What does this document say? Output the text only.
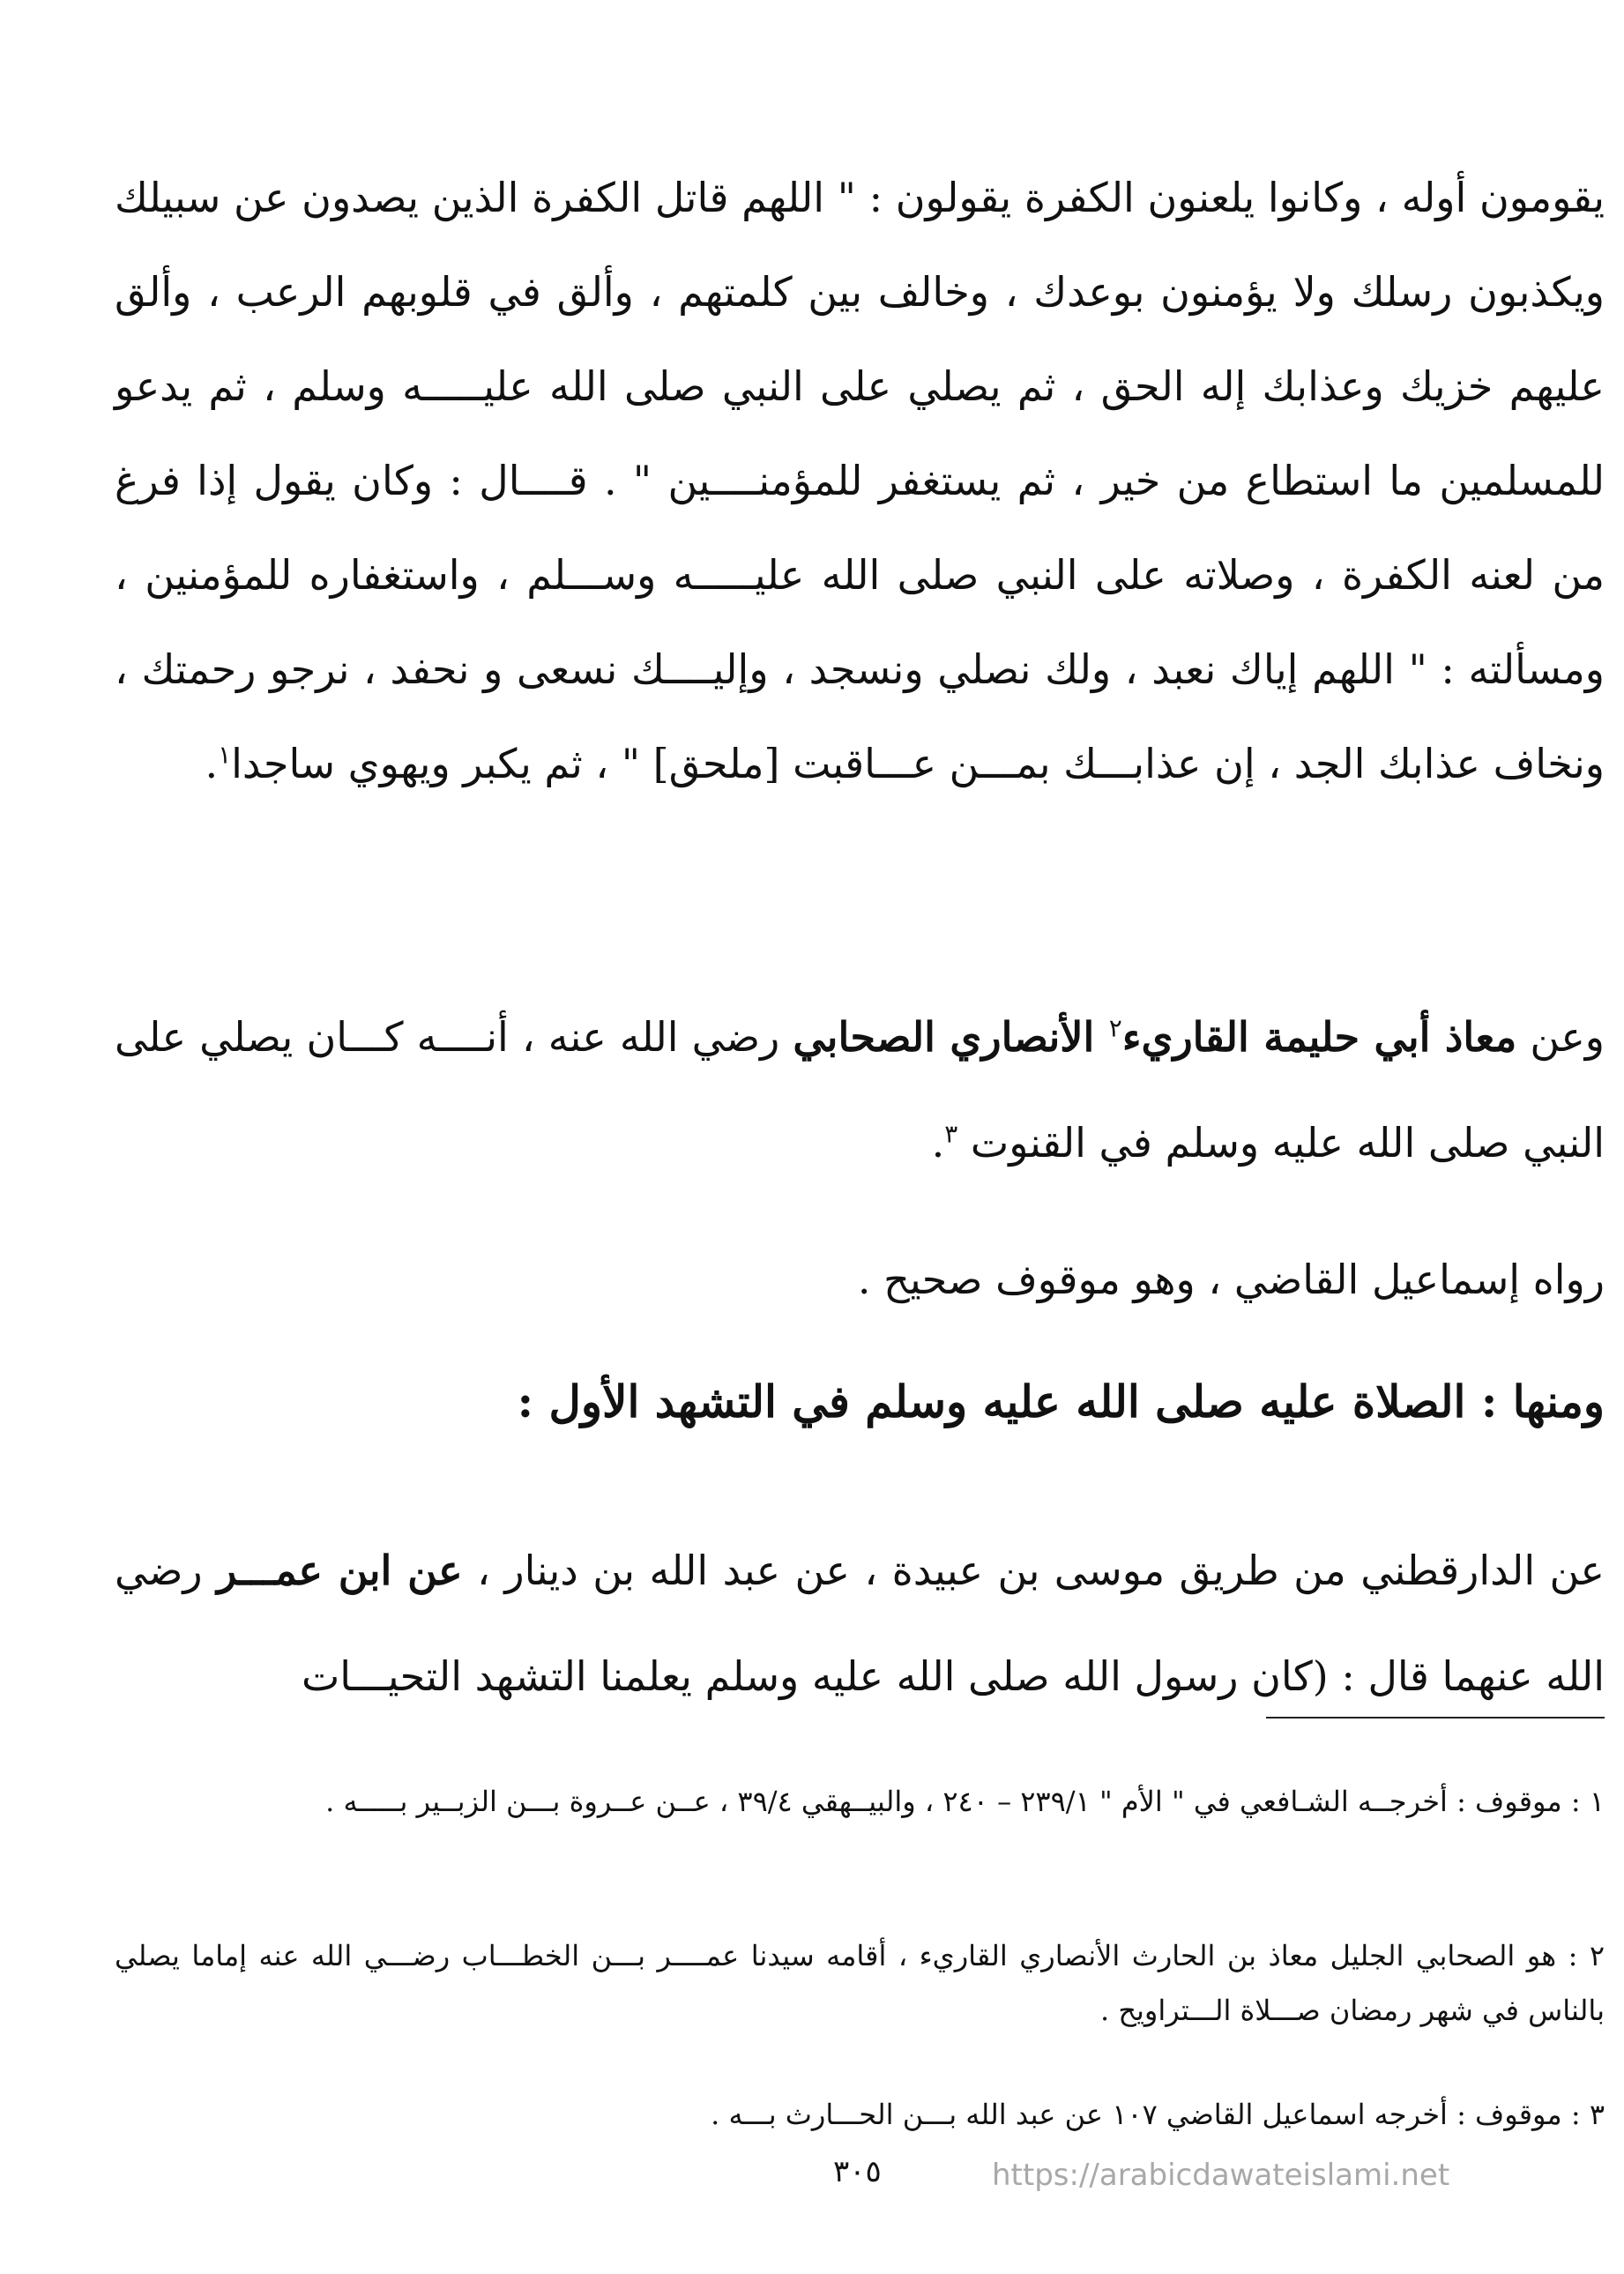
يقومون أوله ، وكانوا يلعنون الكفرة يقولون : " اللهم قاتل الكفرة الذين يصدون عن سبيلك ويكذبون رسلك ولا يؤمنون بوعدك ، وخالف بين كلمتهم ، وألق في قلوبهم الرعب ، وألق عليهم خزيك وعذابك إله الحق ، ثم يصلي على النبي صلى الله عليـــــه وسلم ، ثم يدعو للمسلمين ما استطاع من خير ، ثم يستغفر للمؤمنــــين " . قــــال : وكان يقول إذا فرغ من لعنه الكفرة ، وصلاته على النبي صلى الله عليـــــه وســـلم ، واستغفاره للمؤمنين ، ومسألته : " اللهم إياك نعبد ، ولك نصلي ونسجد ، وإليــــك نسعى و نحفد ، نرجو رحمتك ، ونخاف عذابك الجد ، إن عذابـــك بمـــن عـــاقبت [ملحق] " ، ثم يكبر ويهوي ساجدا$^١$.

وعن معاذ أبي حليمة القاريء$^٢$ الأنصاري الصحابي رضي الله عنه ، أنــــه كـــان يصلي على النبي صلى الله عليه وسلم في القنوت $^٣$.

رواه إسماعيل القاضي ، وهو موقوف صحيح .

ومنها : الصلاة عليه صلى الله عليه وسلم في التشهد الأول :

عن الدارقطني من طريق موسى بن عبيدة ، عن عبد الله بن دينار ، عن ابن عمـــر رضي الله عنهما قال : (كان رسول الله صلى الله عليه وسلم يعلمنا التشهد التحيـــات

١ : موقوف : أخرجــه الشـافعي في " الأم " ٢٣٩/١ – ٢٤٠ ، والبيــهقي ٣٩/٤ ، عــن عــروة بـــن الزبــير بـــــه .

٢ : هو الصحابي الجليل معاذ بن الحارث الأنصاري القاريء ، أقامه سيدنا عمــــر بـــن الخطـــاب رضـــي الله عنه إماما يصلي بالناس في شهر رمضان صـــلاة الـــتراويح .

٣ : موقوف : أخرجه اسماعيل القاضي ١٠٧ عن عبد الله بـــن الحـــارث بـــه .

٣٠٥	https://arabicdawateislami.net
